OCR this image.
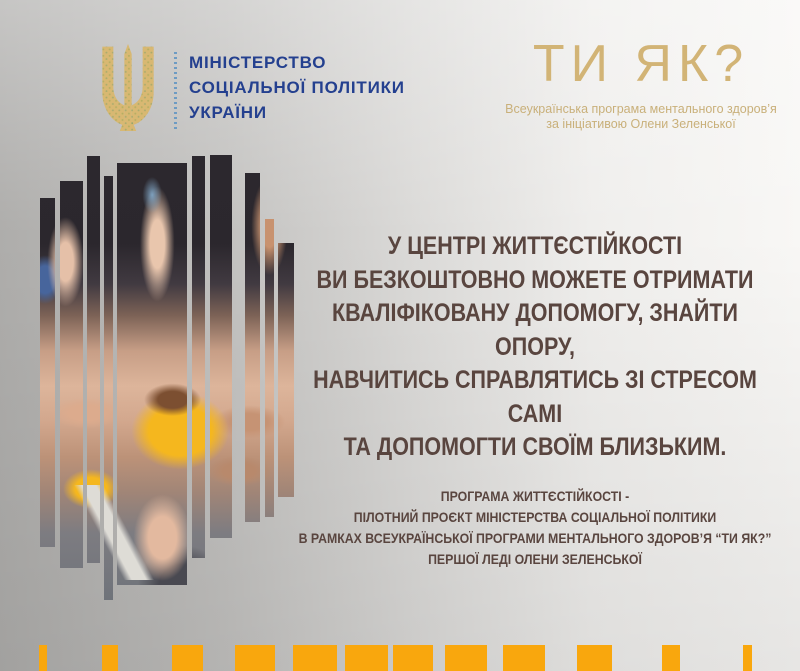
МІНІСТЕРСТВО
СОЦІАЛЬНОЇ ПОЛІТИКИ
УКРАЇНИ
ТИ ЯК?
Всеукраїнська програма ментального здоров’я
за ініціативою Олени Зеленської
У ЦЕНТРІ ЖИТТЄСТІЙКОСТІ
ВИ БЕЗКОШТОВНО МОЖЕТЕ ОТРИМАТИ
КВАЛІФІКОВАНУ ДОПОМОГУ, ЗНАЙТИ ОПОРУ,
НАВЧИТИСЬ СПРАВЛЯТИСЬ ЗІ СТРЕСОМ САМІ
ТА ДОПОМОГТИ СВОЇМ БЛИЗЬКИМ.
ПРОГРАМА ЖИТТЄСТІЙКОСТІ -
ПІЛОТНИЙ ПРОЄКТ МІНІСТЕРСТВА СОЦІАЛЬНОЇ ПОЛІТИКИ
В РАМКАХ ВСЕУКРАЇНСЬКОЇ ПРОГРАМИ МЕНТАЛЬНОГО ЗДОРОВ’Я “ТИ ЯК?”
ПЕРШОЇ ЛЕДІ ОЛЕНИ ЗЕЛЕНСЬКОЇ
